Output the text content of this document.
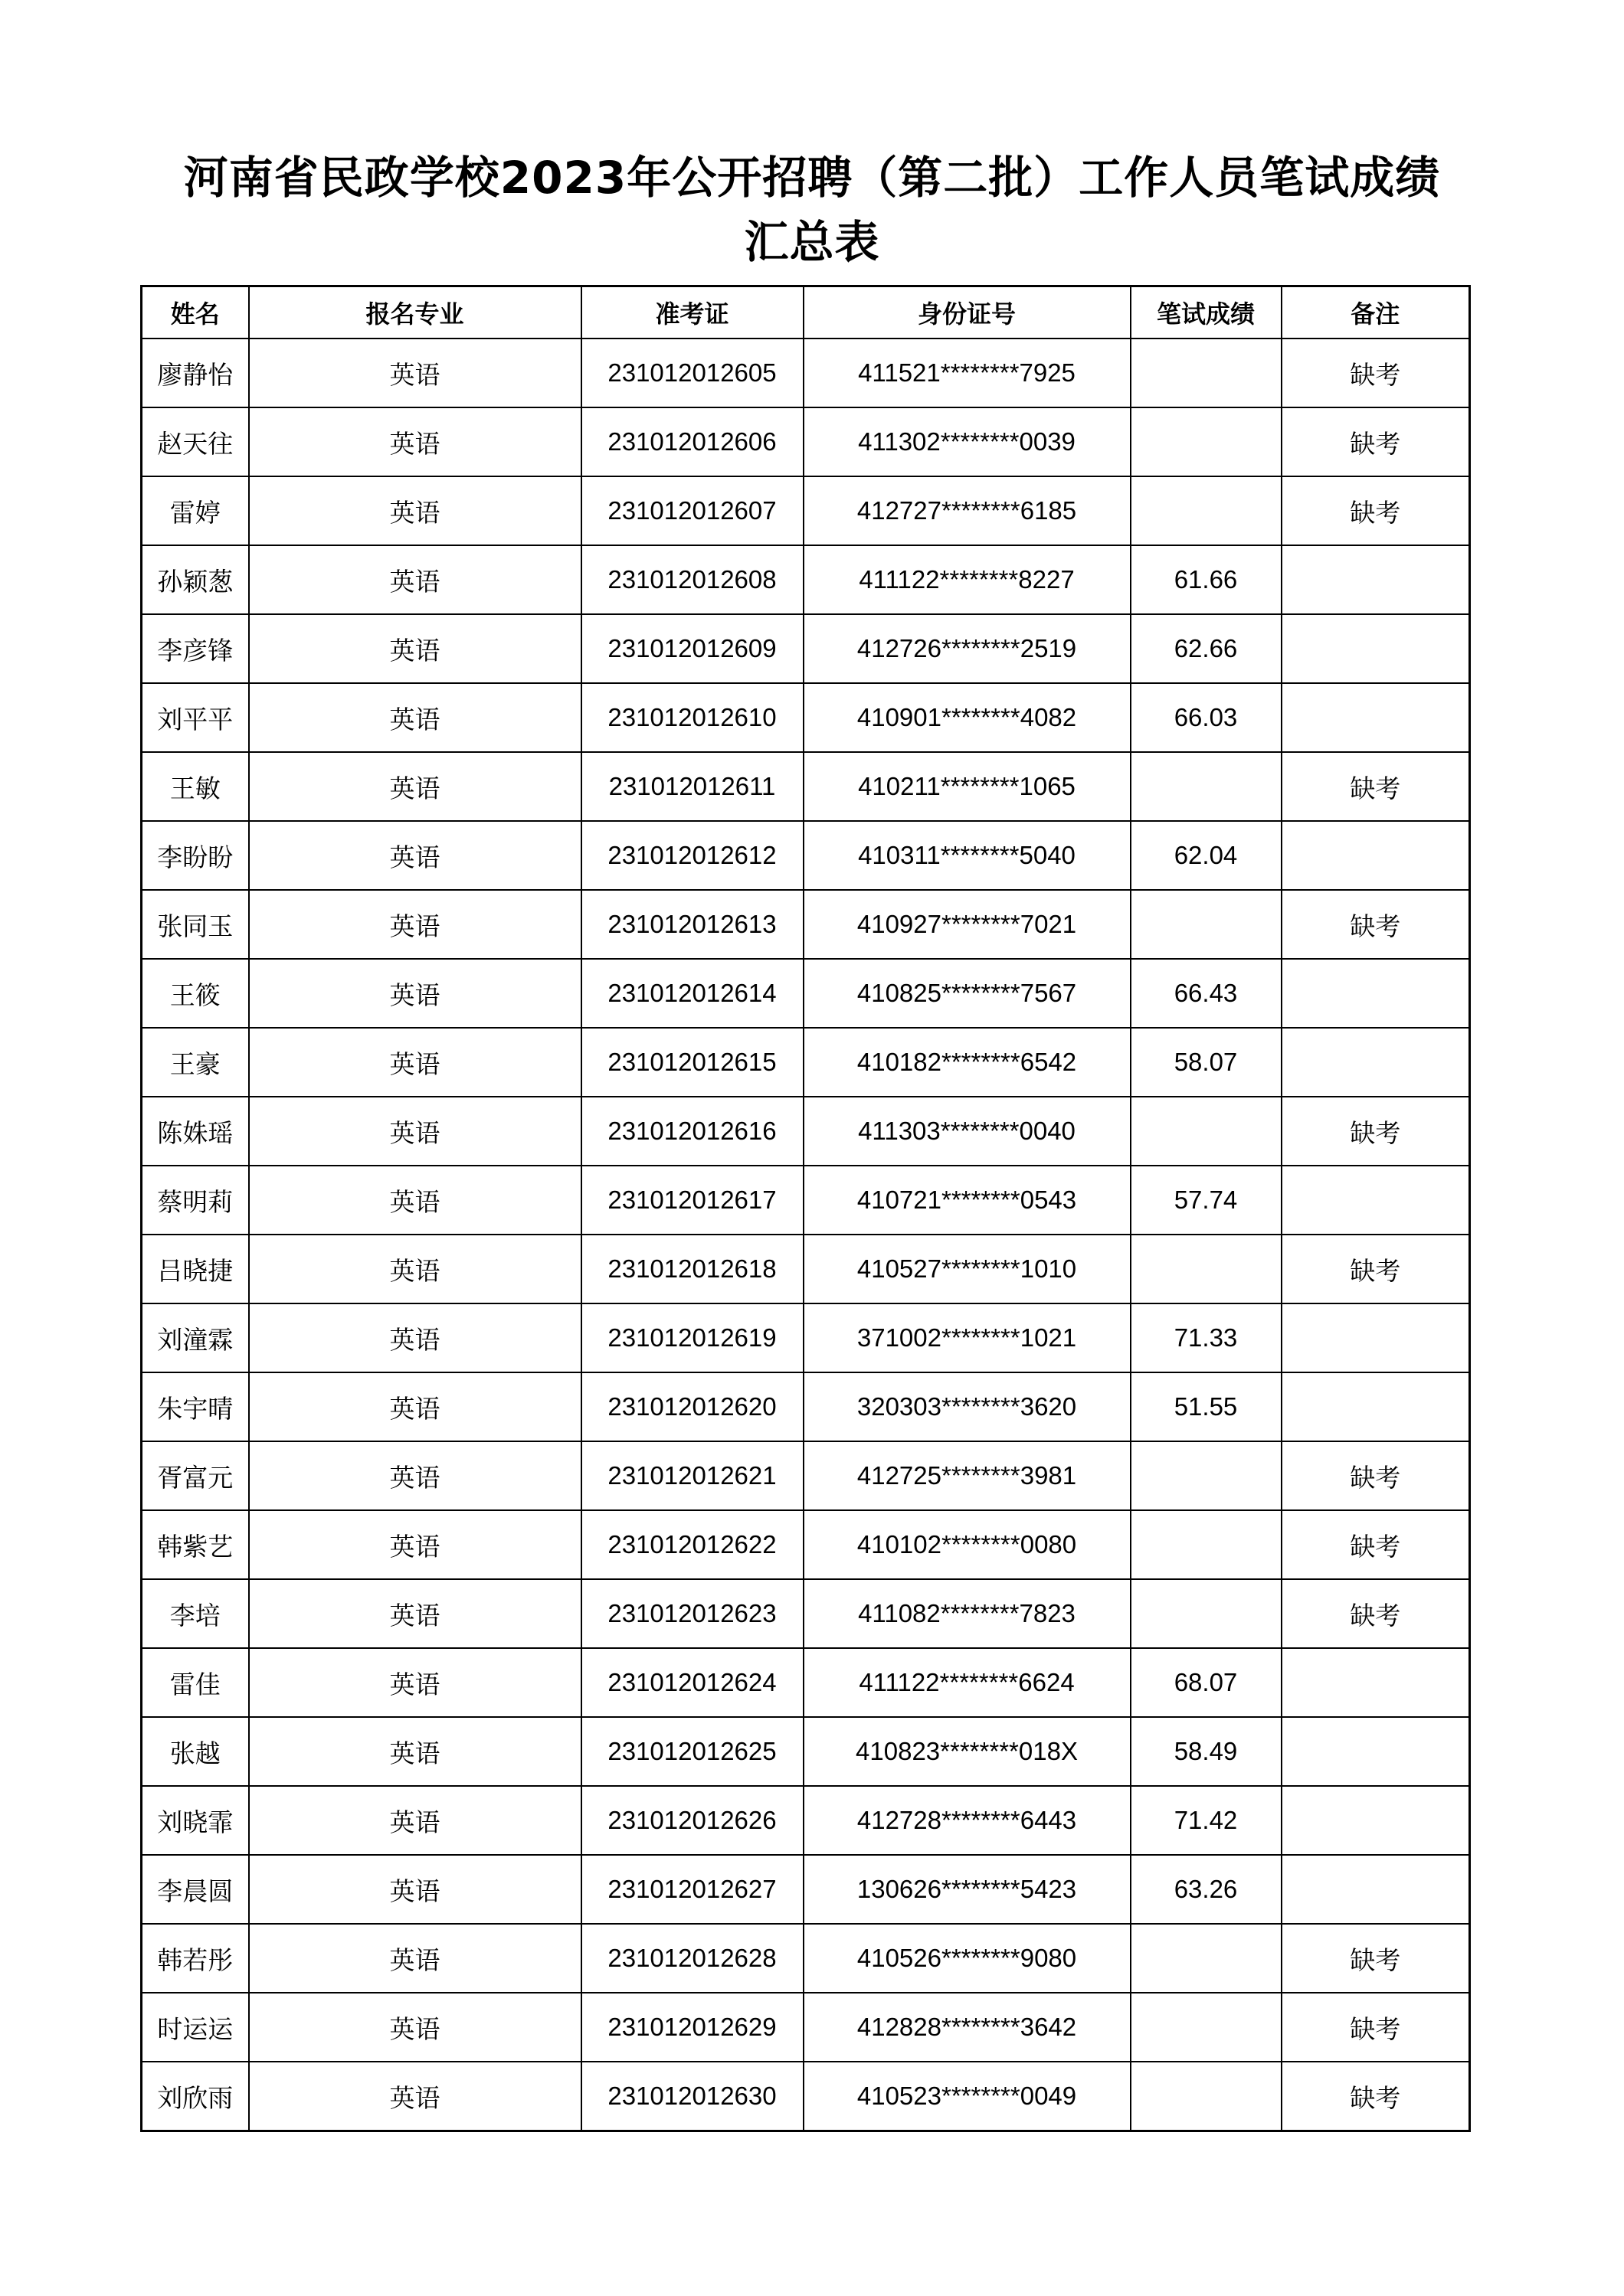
河南省民政学校2023年公开招聘（第二批）工作人员笔试成绩
汇总表
姓名	报名专业	准考证	身份证号	笔试成绩	备注
廖静怡	英语	231012012605	411521********7925		缺考
赵天往	英语	231012012606	411302********0039		缺考
雷婷	英语	231012012607	412727********6185		缺考
孙颖葱	英语	231012012608	411122********8227	61.66	
李彦锋	英语	231012012609	412726********2519	62.66	
刘平平	英语	231012012610	410901********4082	66.03	
王敏	英语	231012012611	410211********1065		缺考
李盼盼	英语	231012012612	410311********5040	62.04	
张同玉	英语	231012012613	410927********7021		缺考
王筱	英语	231012012614	410825********7567	66.43	
王豪	英语	231012012615	410182********6542	58.07	
陈姝瑶	英语	231012012616	411303********0040		缺考
蔡明莉	英语	231012012617	410721********0543	57.74	
吕晓捷	英语	231012012618	410527********1010		缺考
刘潼霖	英语	231012012619	371002********1021	71.33	
朱宇晴	英语	231012012620	320303********3620	51.55	
胥富元	英语	231012012621	412725********3981		缺考
韩紫艺	英语	231012012622	410102********0080		缺考
李培	英语	231012012623	411082********7823		缺考
雷佳	英语	231012012624	411122********6624	68.07	
张越	英语	231012012625	410823********018X	58.49	
刘晓霏	英语	231012012626	412728********6443	71.42	
李晨圆	英语	231012012627	130626********5423	63.26	
韩若彤	英语	231012012628	410526********9080		缺考
时运运	英语	231012012629	412828********3642		缺考
刘欣雨	英语	231012012630	410523********0049		缺考
